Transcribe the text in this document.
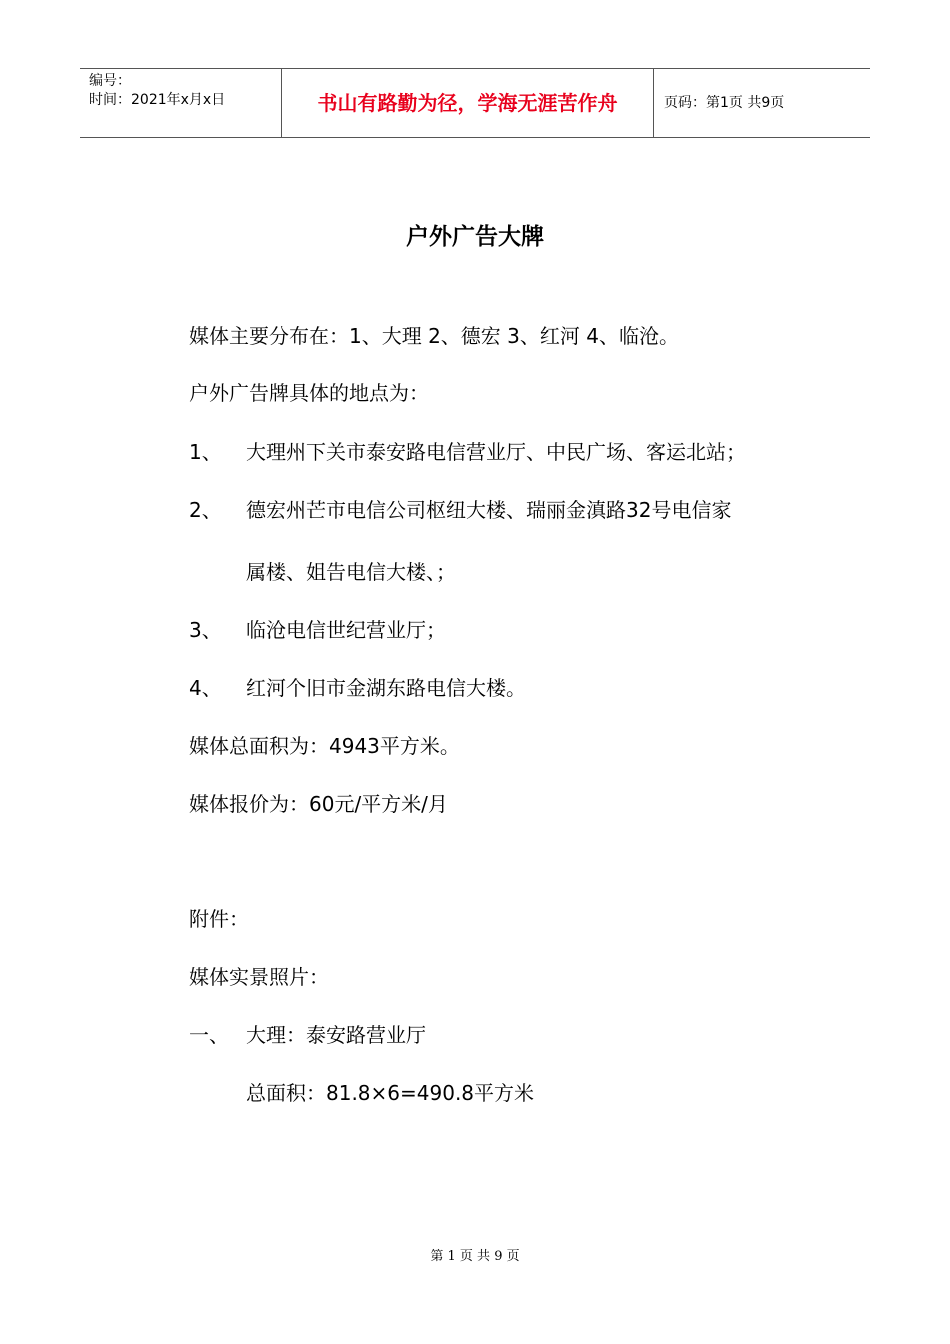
编号：
时间：2021年x月x日	书山有路勤为径，学海无涯苦作舟	页码：第1页 共9页
户外广告大牌
媒体主要分布在：1、大理 2、德宏 3、红河 4、临沧。
户外广告牌具体的地点为：
1、 大理州下关市泰安路电信营业厅、中民广场、客运北站；
2、 德宏州芒市电信公司枢纽大楼、瑞丽金滇路32号电信家
属楼、姐告电信大楼、；
3、 临沧电信世纪营业厅；
4、 红河个旧市金湖东路电信大楼。
媒体总面积为：4943平方米。
媒体报价为：60元/平方米/月
附件：
媒体实景照片：
一、 大理：泰安路营业厅
总面积：81.8×6=490.8平方米
第 1 页 共 9 页
